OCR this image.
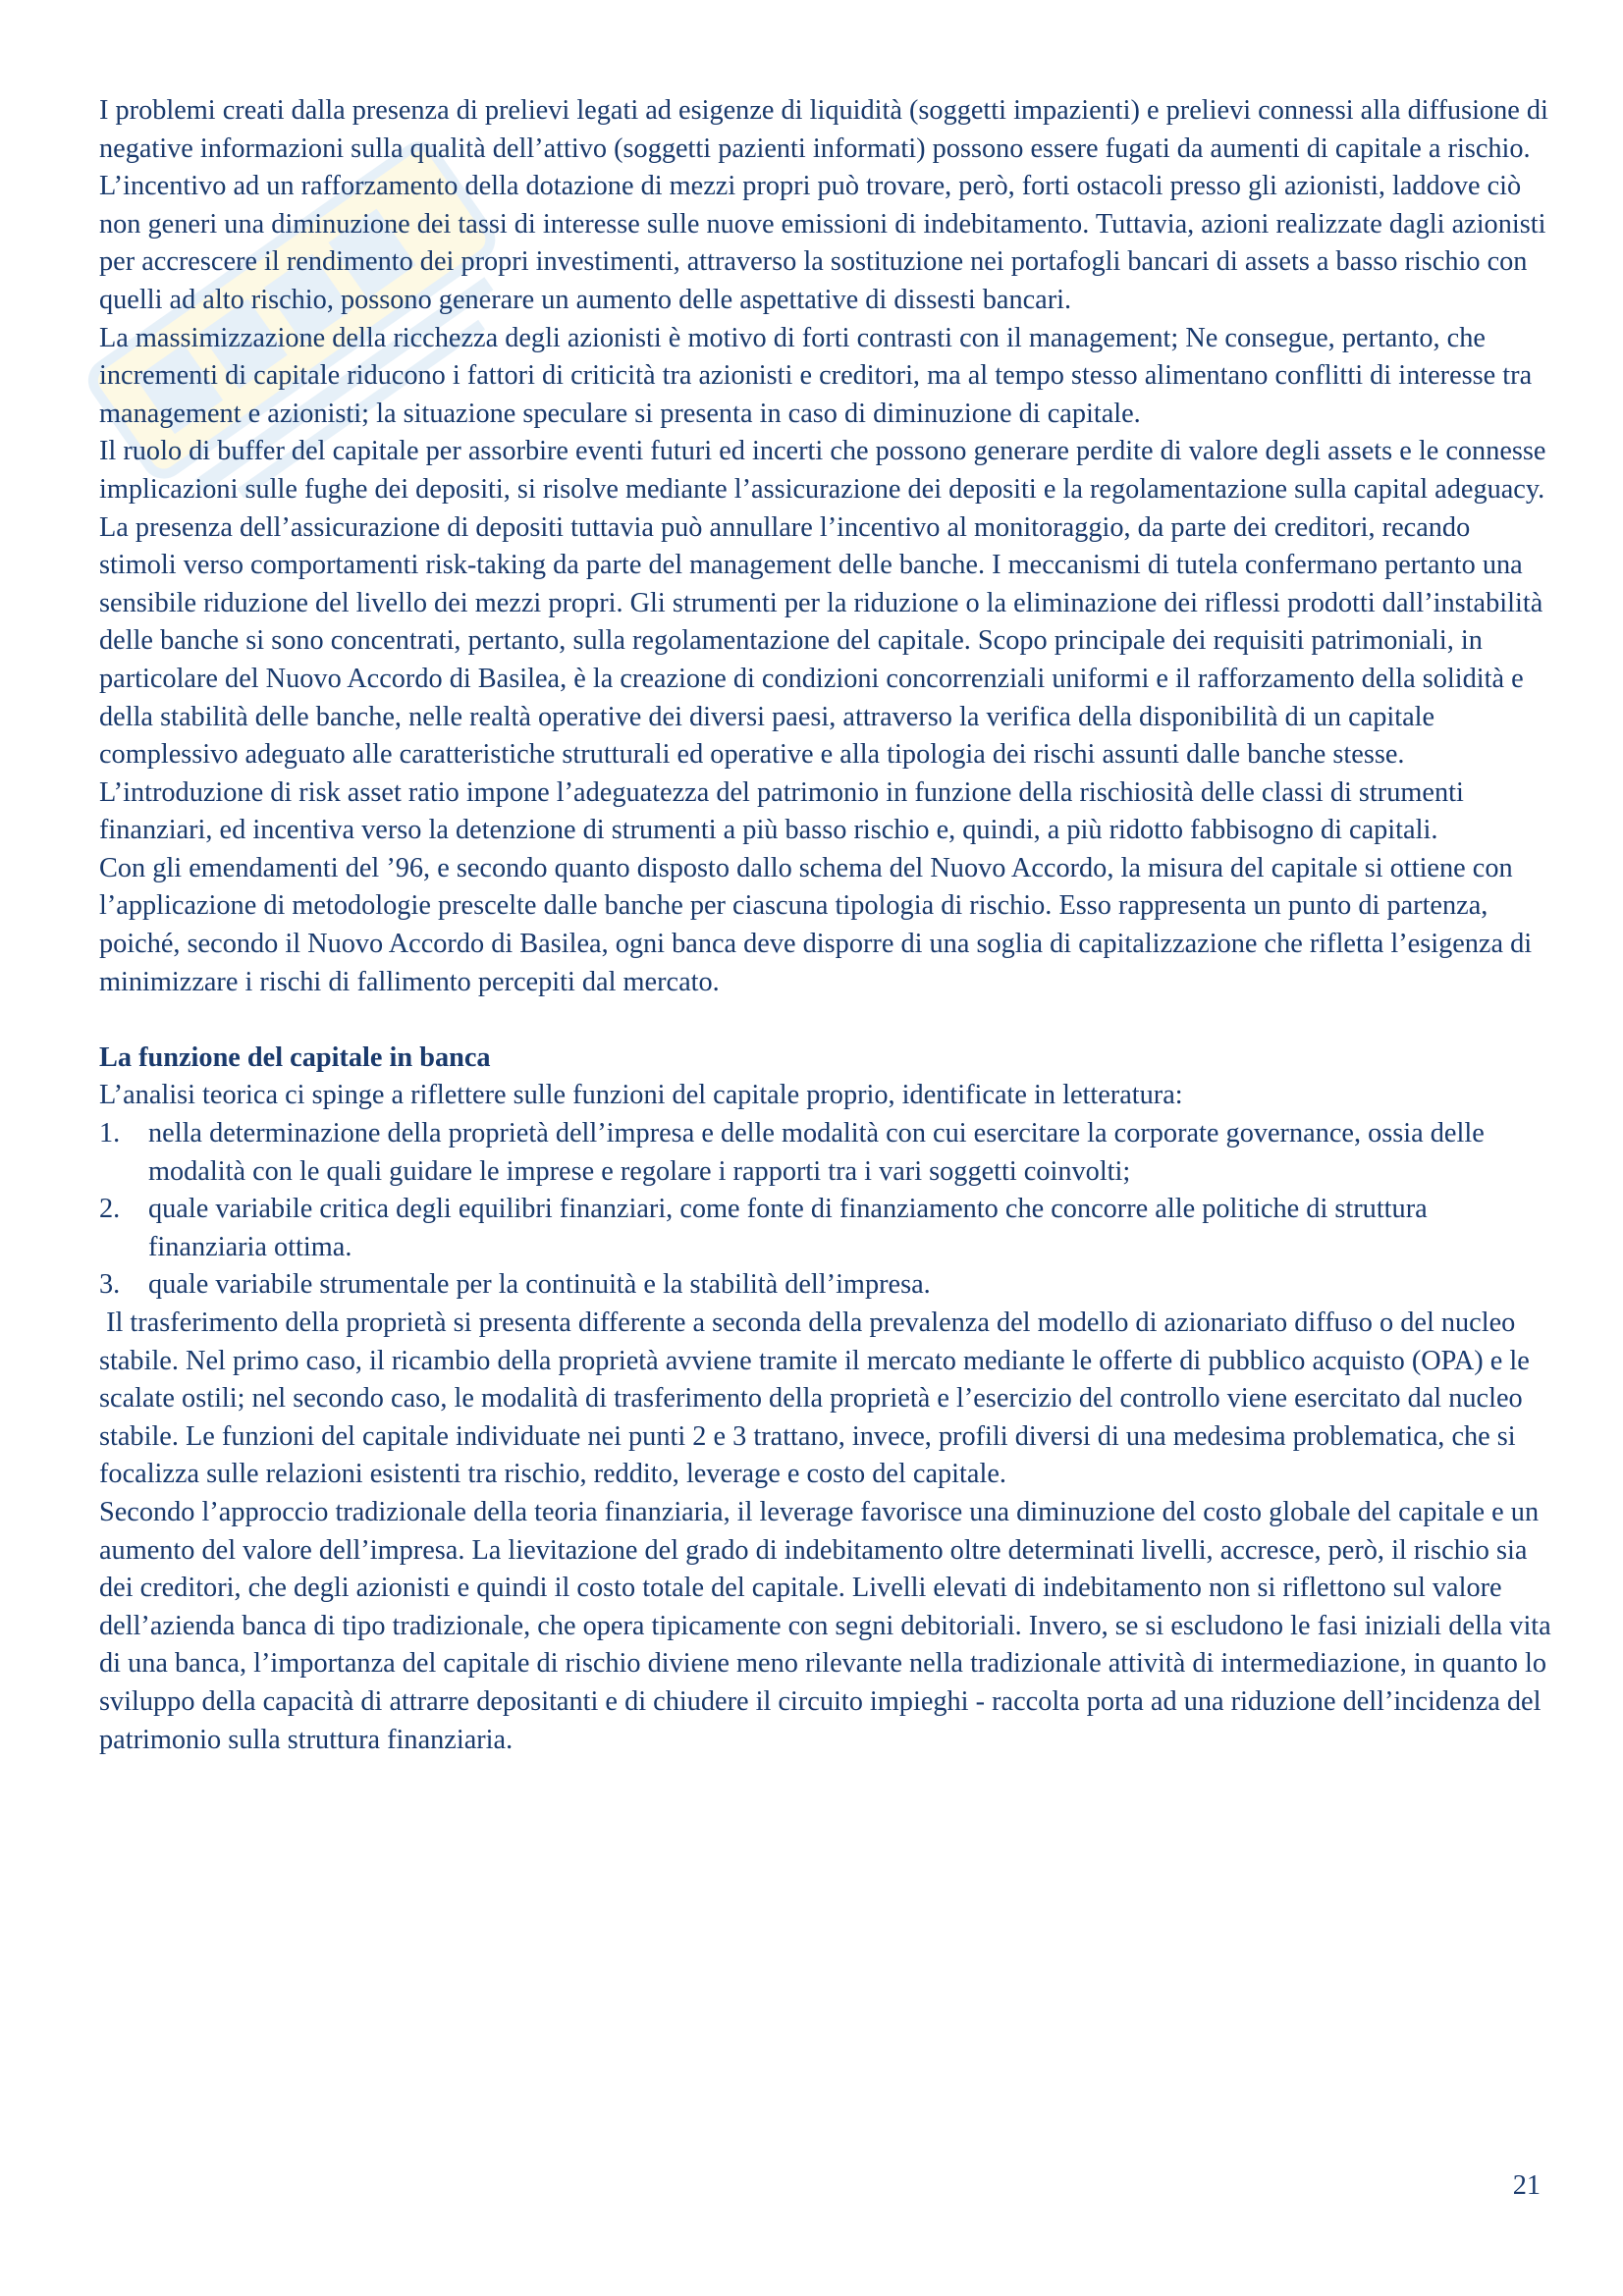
I problemi creati dalla presenza di prelievi legati ad esigenze di liquidità (soggetti impazienti) e prelievi connessi alla diffusione di negative informazioni sulla qualità dell’attivo (soggetti pazienti informati) possono essere fugati da aumenti di capitale a rischio. L’incentivo ad un rafforzamento della dotazione di mezzi propri può trovare, però, forti ostacoli presso gli azionisti, laddove ciò non generi una diminuzione dei tassi di interesse sulle nuove emissioni di indebitamento. Tuttavia, azioni realizzate dagli azionisti per accrescere il rendimento dei propri investimenti, attraverso la sostituzione nei portafogli bancari di assets a basso rischio con quelli ad alto rischio, possono generare un aumento delle aspettative di dissesti bancari.

La massimizzazione della ricchezza degli azionisti è motivo di forti contrasti con il management; Ne consegue, pertanto, che incrementi di capitale riducono i fattori di criticità tra azionisti e creditori, ma al tempo stesso alimentano conflitti di interesse tra management e azionisti; la situazione speculare si presenta in caso di diminuzione di capitale.

Il ruolo di buffer del capitale per assorbire eventi futuri ed incerti che possono generare perdite di valore degli assets e le connesse implicazioni sulle fughe dei depositi, si risolve mediante l’assicurazione dei depositi e la regolamentazione sulla capital adeguacy. La presenza dell’assicurazione di depositi tuttavia può annullare l’incentivo al monitoraggio, da parte dei creditori, recando stimoli verso comportamenti risk-taking da parte del management delle banche. I meccanismi di tutela confermano pertanto una sensibile riduzione del livello dei mezzi propri. Gli strumenti per la riduzione o la eliminazione dei riflessi prodotti dall’instabilità delle banche si sono concentrati, pertanto, sulla regolamentazione del capitale. Scopo principale dei requisiti patrimoniali, in particolare del Nuovo Accordo di Basilea, è la creazione di condizioni concorrenziali uniformi e il rafforzamento della solidità e della stabilità delle banche, nelle realtà operative dei diversi paesi, attraverso la verifica della disponibilità di un capitale complessivo adeguato alle caratteristiche strutturali ed operative e alla tipologia dei rischi assunti dalle banche stesse.

L’introduzione di risk asset ratio impone l’adeguatezza del patrimonio in funzione della rischiosità delle classi di strumenti finanziari, ed incentiva verso la detenzione di strumenti a più basso rischio e, quindi, a più ridotto fabbisogno di capitali.

Con gli emendamenti del ’96, e secondo quanto disposto dallo schema del Nuovo Accordo, la misura del capitale si ottiene con l’applicazione di metodologie prescelte dalle banche per ciascuna tipologia di rischio. Esso rappresenta un punto di partenza, poiché, secondo il Nuovo Accordo di Basilea, ogni banca deve disporre di una soglia di capitalizzazione che rifletta l’esigenza di minimizzare i rischi di fallimento percepiti dal mercato.

La funzione del capitale in banca

L’analisi teorica ci spinge a riflettere sulle funzioni del capitale proprio, identificate in letteratura:

1. nella determinazione della proprietà dell’impresa e delle modalità con cui esercitare la corporate governance, ossia delle modalità con le quali guidare le imprese e regolare i rapporti tra i vari soggetti coinvolti;
2. quale variabile critica degli equilibri finanziari, come fonte di finanziamento che concorre alle politiche di struttura finanziaria ottima.
3. quale variabile strumentale per la continuità e la stabilità dell’impresa.

Il trasferimento della proprietà si presenta differente a seconda della prevalenza del modello di azionariato diffuso o del nucleo stabile. Nel primo caso, il ricambio della proprietà avviene tramite il mercato mediante le offerte di pubblico acquisto (OPA) e le scalate ostili; nel secondo caso, le modalità di trasferimento della proprietà e l’esercizio del controllo viene esercitato dal nucleo stabile. Le funzioni del capitale individuate nei punti 2 e 3 trattano, invece, profili diversi di una medesima problematica, che si focalizza sulle relazioni esistenti tra rischio, reddito, leverage e costo del capitale.

Secondo l’approccio tradizionale della teoria finanziaria, il leverage favorisce una diminuzione del costo globale del capitale e un aumento del valore dell’impresa. La lievitazione del grado di indebitamento oltre determinati livelli, accresce, però, il rischio sia dei creditori, che degli azionisti e quindi il costo totale del capitale. Livelli elevati di indebitamento non si riflettono sul valore dell’azienda banca di tipo tradizionale, che opera tipicamente con segni debitoriali. Invero, se si escludono le fasi iniziali della vita di una banca, l’importanza del capitale di rischio diviene meno rilevante nella tradizionale attività di intermediazione, in quanto lo sviluppo della capacità di attrarre depositanti e di chiudere il circuito impieghi - raccolta porta ad una riduzione dell’incidenza del patrimonio sulla struttura finanziaria.

21
